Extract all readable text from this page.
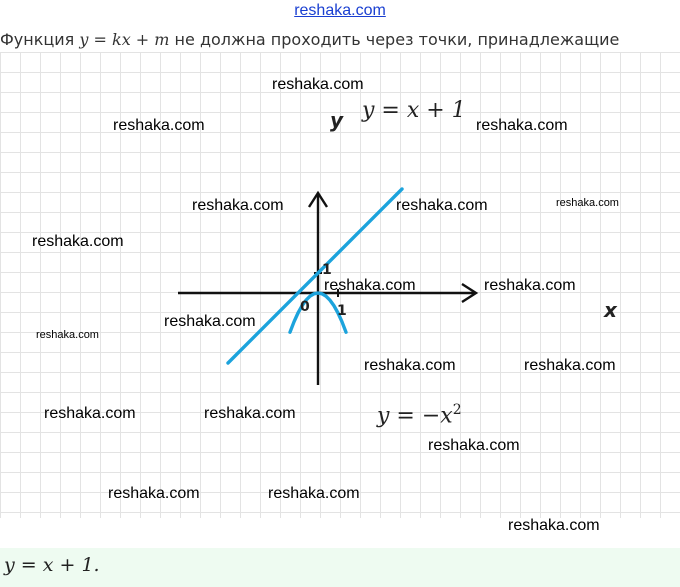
reshaka.com
Функция y = kx + m не должна проходить через точки, принадлежащие
y
x
0 1
1
y = x + 1
$y = -x^2$
reshaka.com
reshaka.com	reshaka.com
reshaka.com	reshaka.com	reshaka.com
reshaka.com
reshaka.com	reshaka.com
reshaka.com
reshaka.com
reshaka.com	reshaka.com
reshaka.com	reshaka.com
reshaka.com
reshaka.com	reshaka.com
reshaka.com
y = x + 1.
